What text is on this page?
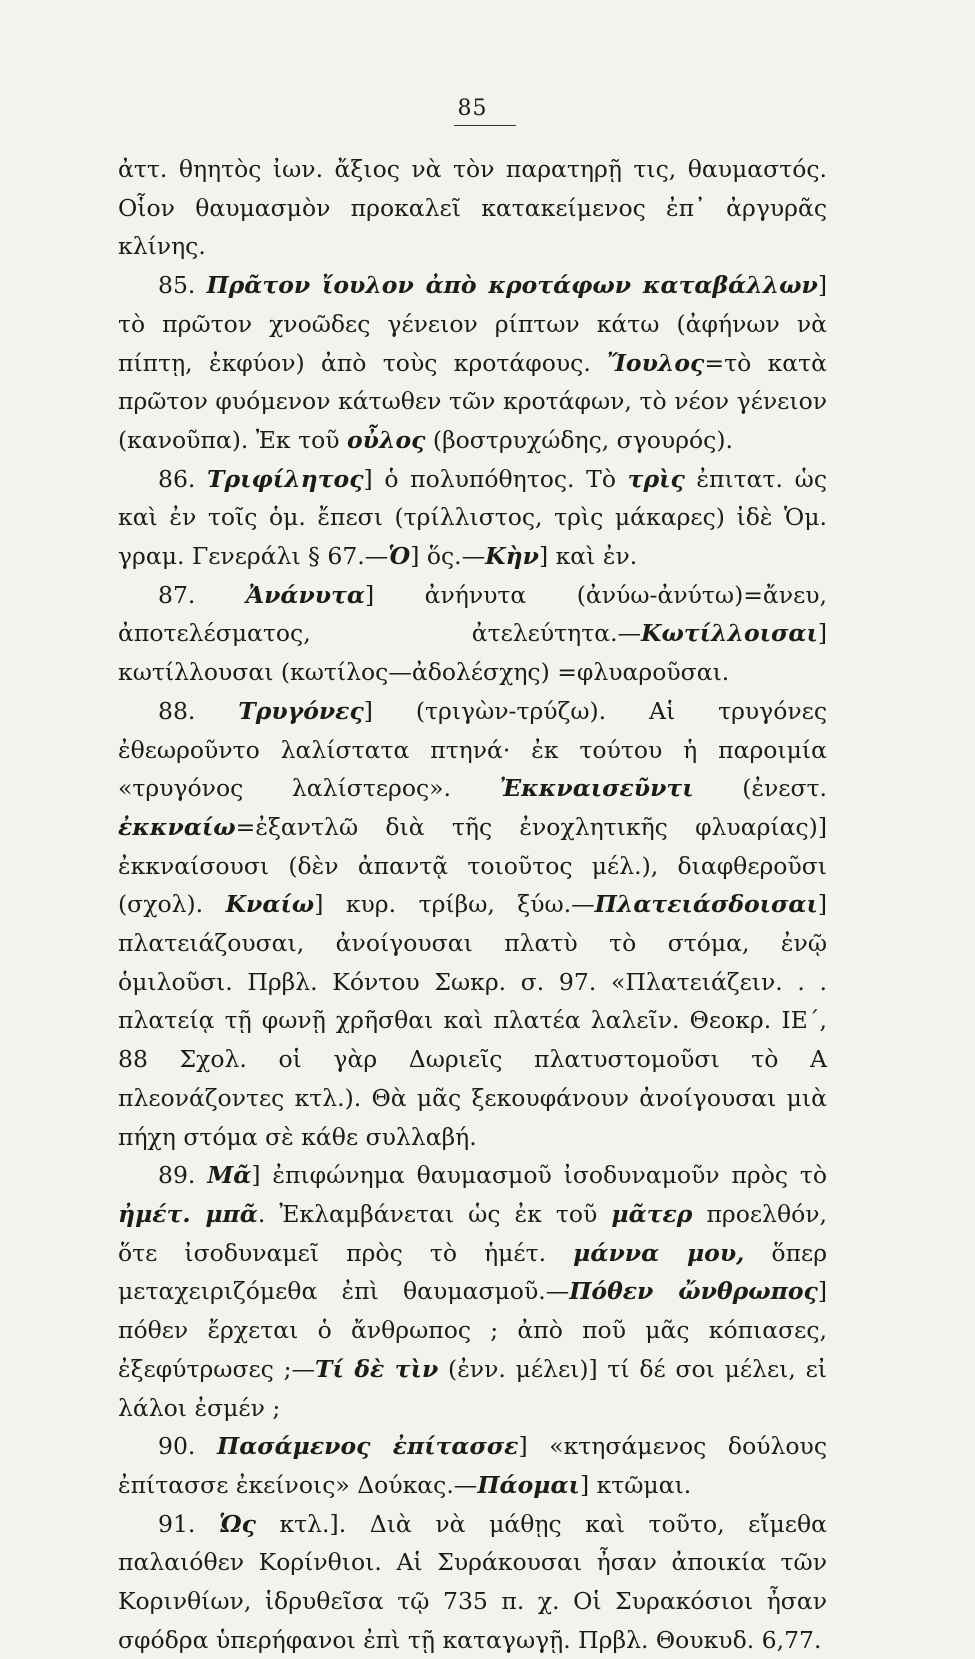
85

ἀττ. θηητὸς ἰων. ἄξιος νὰ τὸν παρατηρῇ τις, θαυμαστός. Οἷον θαυμασμὸν προκαλεῖ κατακείμενος ἐπ᾽ ἀργυρᾶς κλίνης.

85. Πρᾶτον ἴουλον ἀπὸ κροτάφων καταβάλλων] τὸ πρῶτον χνοῶδες γένειον ρίπτων κάτω (ἀφήνων νὰ πίπτῃ, ἐκφύον) ἀπὸ τοὺς κροτάφους. Ἴουλος=τὸ κατὰ πρῶτον φυόμενον κάτωθεν τῶν κροτάφων, τὸ νέον γένειον (κανοῦπα). Ἐκ τοῦ οὖλος (βοστρυχώδης, σγουρός).

86. Τριφίλητος] ὁ πολυπόθητος. Τὸ τρὶς ἐπιτατ. ὡς καὶ ἐν τοῖς ὁμ. ἔπεσι (τρίλλιστος, τρὶς μάκαρες) ἰδὲ Ὁμ. γραμ. Γενεράλι § 67.—Ὁ] ὅς.—Κὴν] καὶ ἐν.

87. Ἀνάνυτα] ἀνήνυτα (ἀνύω-ἀνύτω)=ἄνευ, ἀποτελέσματος, ἀτελεύτητα.—Κωτίλλοισαι] κωτίλλουσαι (κωτίλος—ἀδολέσχης) =φλυαροῦσαι.

88. Τρυγόνες] (τριγὼν-τρύζω). Αἱ τρυγόνες ἐθεωροῦντο λαλίστατα πτηνά· ἐκ τούτου ἡ παροιμία «τρυγόνος λαλίστερος». Ἐκκναισεῦντι (ἐνεστ. ἐκκναίω=ἐξαντλῶ διὰ τῆς ἐνοχλητικῆς φλυαρίας)] ἐκκναίσουσι (δὲν ἀπαντᾷ τοιοῦτος μέλ.), διαφθεροῦσι (σχολ). Κναίω] κυρ. τρίβω, ξύω.—Πλατειάσδοισαι] πλατειάζουσαι, ἀνοίγουσαι πλατὺ τὸ στόμα, ἐνῷ ὁμιλοῦσι. Πρβλ. Κόντου Σωκρ. σ. 97. «Πλατειάζειν. . . πλατείᾳ τῇ φωνῇ χρῆσθαι καὶ πλατέα λαλεῖν. Θεοκρ. ΙΕ΄, 88 Σχολ. οἱ γὰρ Δωριεῖς πλατυστομοῦσι τὸ Α πλεονάζοντες κτλ.). Θὰ μᾶς ξεκουφάνουν ἀνοίγουσαι μιὰ πήχη στόμα σὲ κάθε συλλαβή.

89. Μᾶ] ἐπιφώνημα θαυμασμοῦ ἰσοδυναμοῦν πρὸς τὸ ἠμέτ. μπᾶ. Ἐκλαμβάνεται ὡς ἐκ τοῦ μᾶτερ προελθόν, ὅτε ἰσοδυναμεῖ πρὸς τὸ ἡμέτ. μάννα μου, ὅπερ μεταχειριζόμεθα ἐπὶ θαυμασμοῦ.—Πόθεν ὤνθρωπος] πόθεν ἔρχεται ὁ ἄνθρωπος ; ἀπὸ ποῦ μᾶς κόπιασες, ἐξεφύτρωσες ;—Τί δὲ τὶν (ἐνν. μέλει)] τί δέ σοι μέλει, εἰ λάλοι ἐσμέν ;

90. Πασάμενος ἐπίτασσε] «κτησάμενος δούλους ἐπίτασσε ἐκείνοις» Δούκας.—Πάομαι] κτῶμαι.

91. Ὡς κτλ.]. Διὰ νὰ μάθῃς καὶ τοῦτο, εἴμεθα παλαιόθεν Κορίνθιοι. Αἱ Συράκουσαι ἦσαν ἀποικία τῶν Κορινθίων, ἱδρυθεῖσα τῷ 735 π. χ. Οἱ Συρακόσιοι ἦσαν σφόδρα ὑπερήφανοι ἐπὶ τῇ καταγωγῇ. Πρβλ. Θουκυδ. 6,77.
